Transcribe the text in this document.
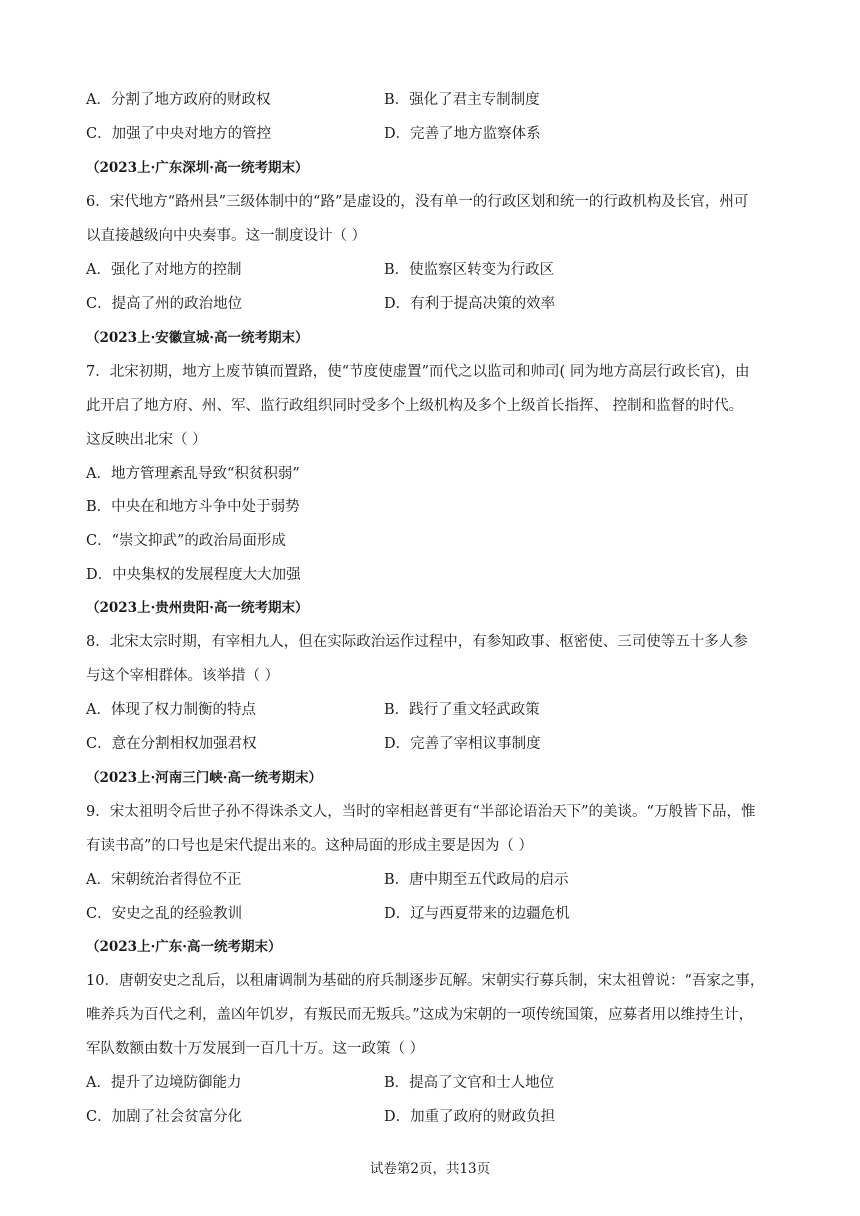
A．分割了地方政府的财政权	B．强化了君主专制制度
C．加强了中央对地方的管控	D．完善了地方监察体系
（2023上·广东深圳·高一统考期末）
6．宋代地方“路州县”三级体制中的“路”是虚设的，没有单一的行政区划和统一的行政机构及长官，州可
以直接越级向中央奏事。这一制度设计（ ）
A．强化了对地方的控制	B．使监察区转变为行政区
C．提高了州的政治地位	D．有利于提高决策的效率
（2023上·安徽宣城·高一统考期末）
7．北宋初期，地方上废节镇而置路，使“节度使虚置”而代之以监司和帅司( 同为地方高层行政长官)，由
此开启了地方府、州、军、监行政组织同时受多个上级机构及多个上级首长指挥、 控制和监督的时代。
这反映出北宋（ ）
A．地方管理紊乱导致“积贫积弱”
B．中央在和地方斗争中处于弱势
C．“崇文抑武”的政治局面形成
D．中央集权的发展程度大大加强
（2023上·贵州贵阳·高一统考期末）
8．北宋太宗时期，有宰相九人，但在实际政治运作过程中，有参知政事、枢密使、三司使等五十多人参
与这个宰相群体。该举措（ ）
A．体现了权力制衡的特点	B．践行了重文轻武政策
C．意在分割相权加强君权	D．完善了宰相议事制度
（2023上·河南三门峡·高一统考期末）
9．宋太祖明令后世子孙不得诛杀文人，当时的宰相赵普更有“半部论语治天下”的美谈。“万般皆下品，惟
有读书高”的口号也是宋代提出来的。这种局面的形成主要是因为（ ）
A．宋朝统治者得位不正	B．唐中期至五代政局的启示
C．安史之乱的经验教训	D．辽与西夏带来的边疆危机
（2023上·广东·高一统考期末）
10．唐朝安史之乱后，以租庸调制为基础的府兵制逐步瓦解。宋朝实行募兵制，宋太祖曾说：“吾家之事，
唯养兵为百代之利，盖凶年饥岁，有叛民而无叛兵。”这成为宋朝的一项传统国策，应募者用以维持生计，
军队数额由数十万发展到一百几十万。这一政策（ ）
A．提升了边境防御能力	B．提高了文官和士人地位
C．加剧了社会贫富分化	D．加重了政府的财政负担
试卷第2页，共13页
